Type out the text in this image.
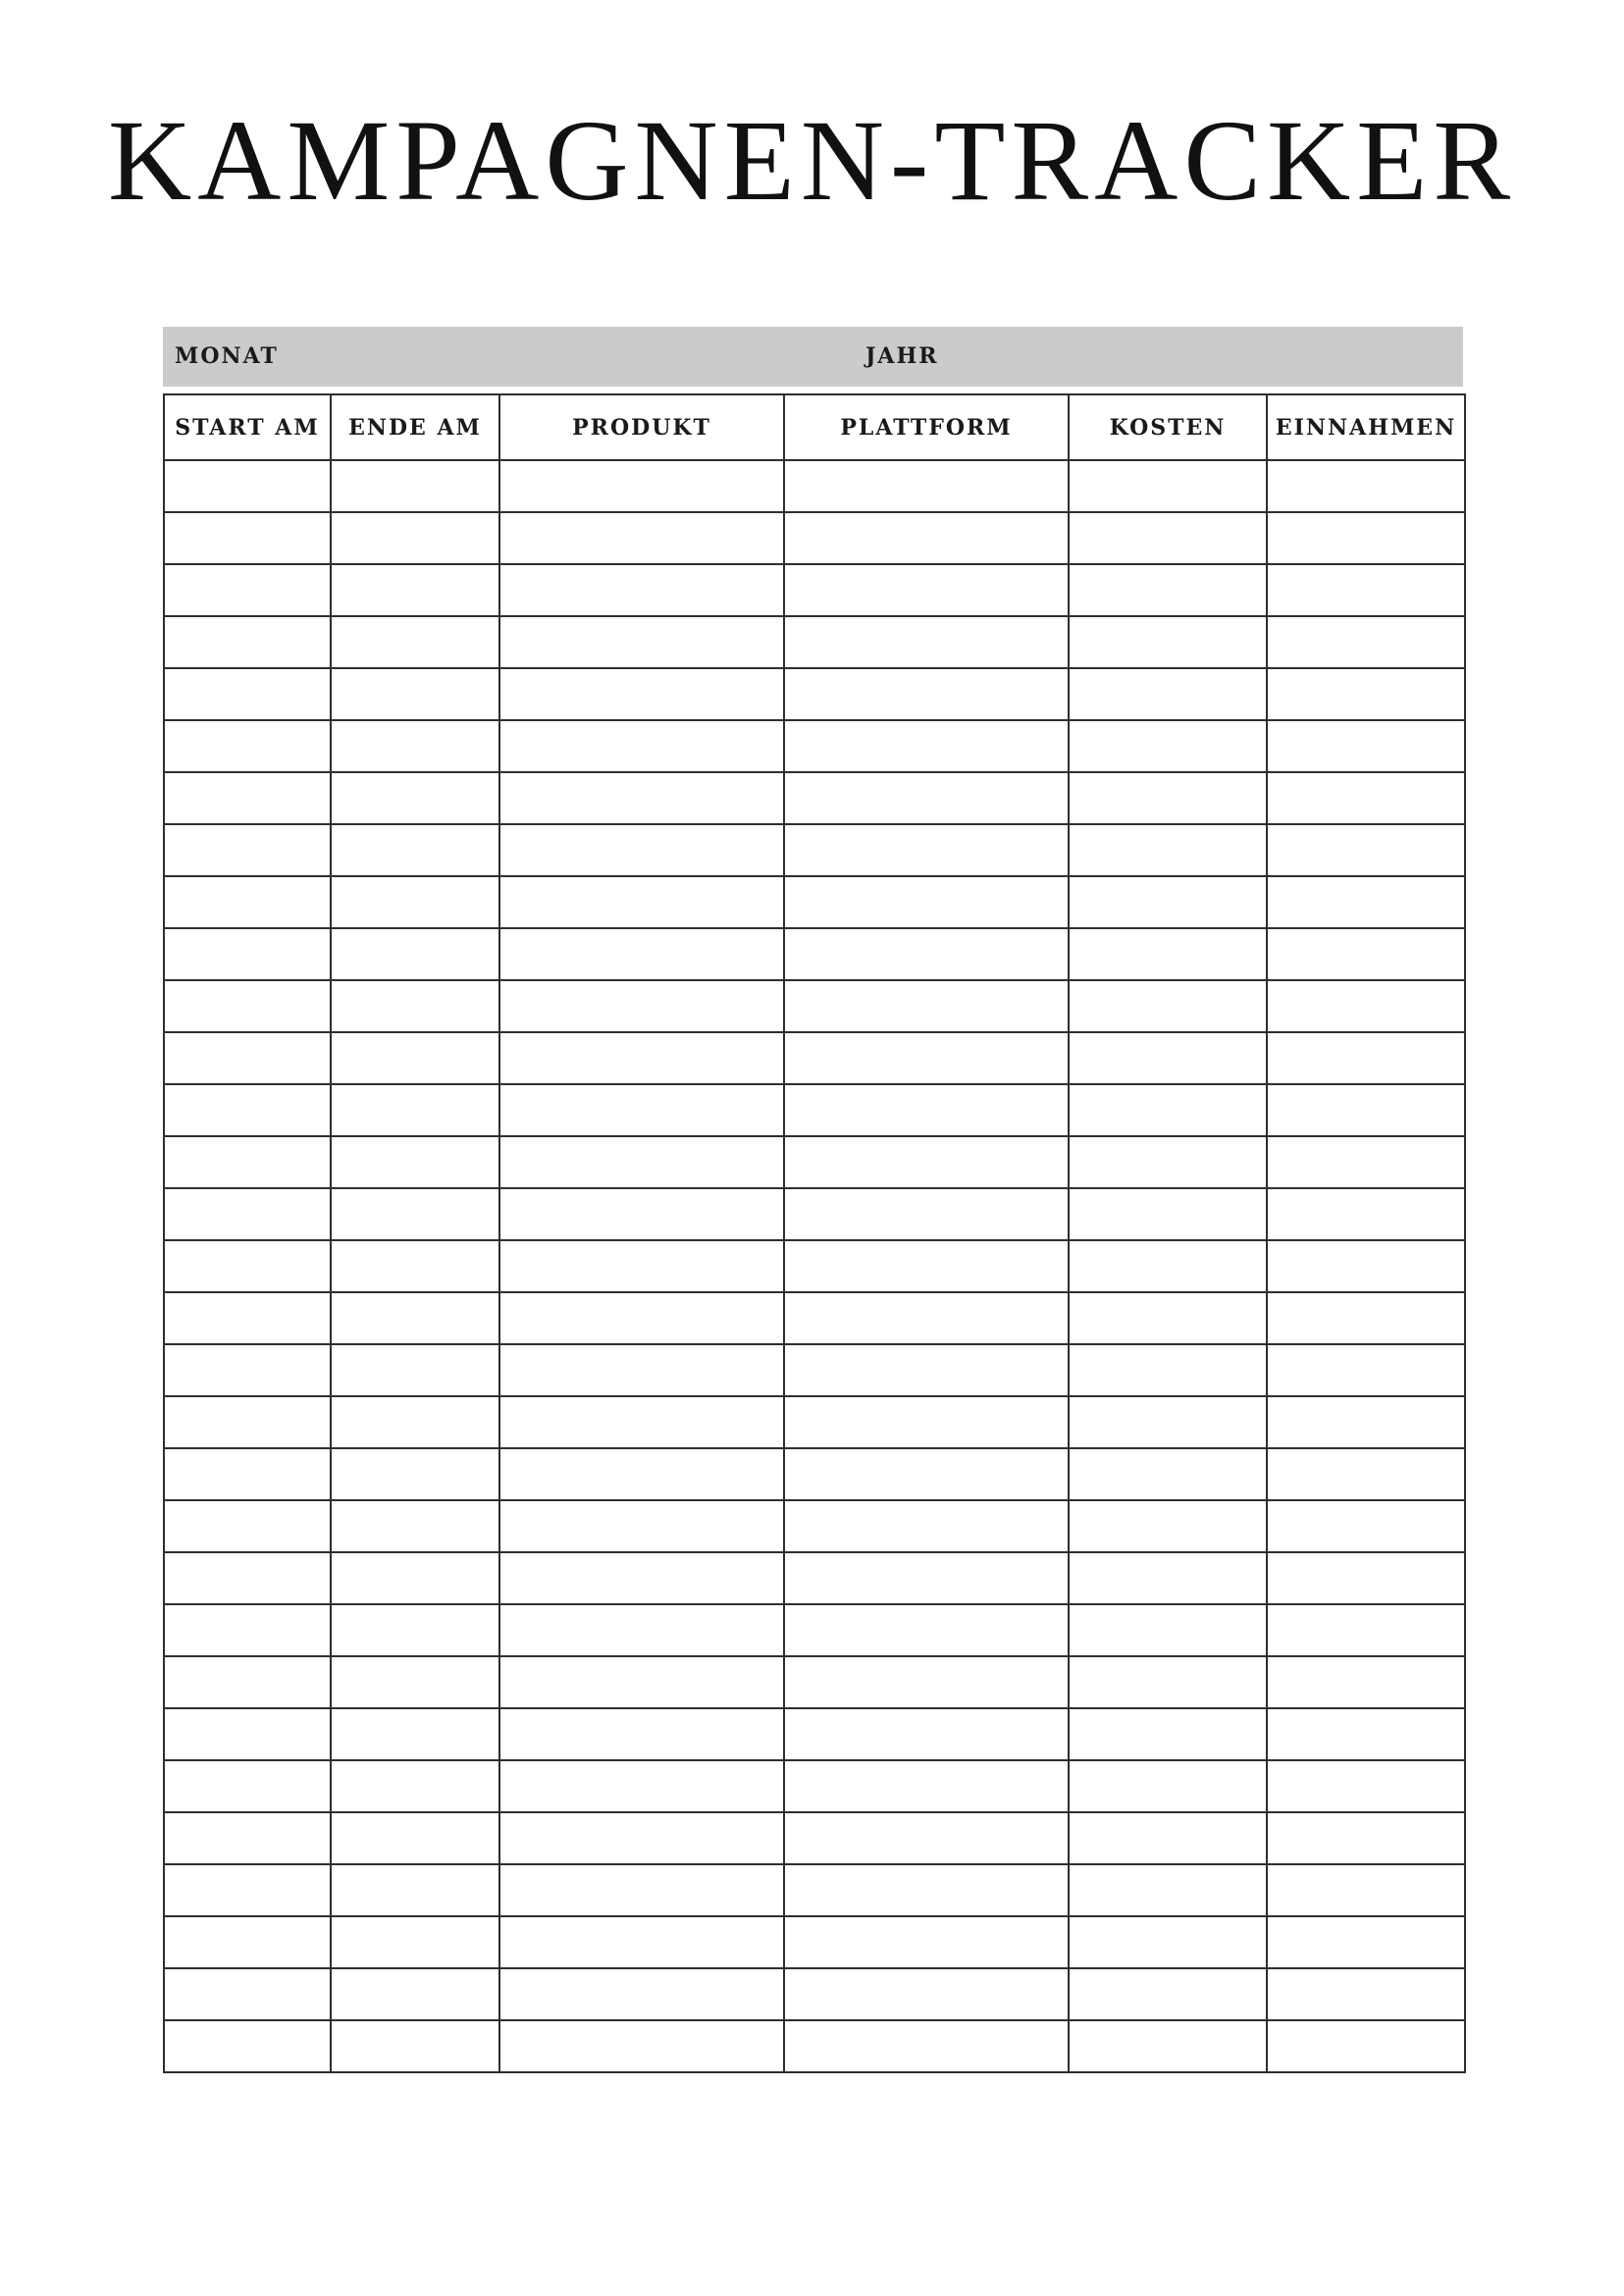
KAMPAGNEN-TRACKER
MONAT	JAHR
START AM	ENDE AM	PRODUKT	PLATTFORM	KOSTEN	EINNAHMEN
